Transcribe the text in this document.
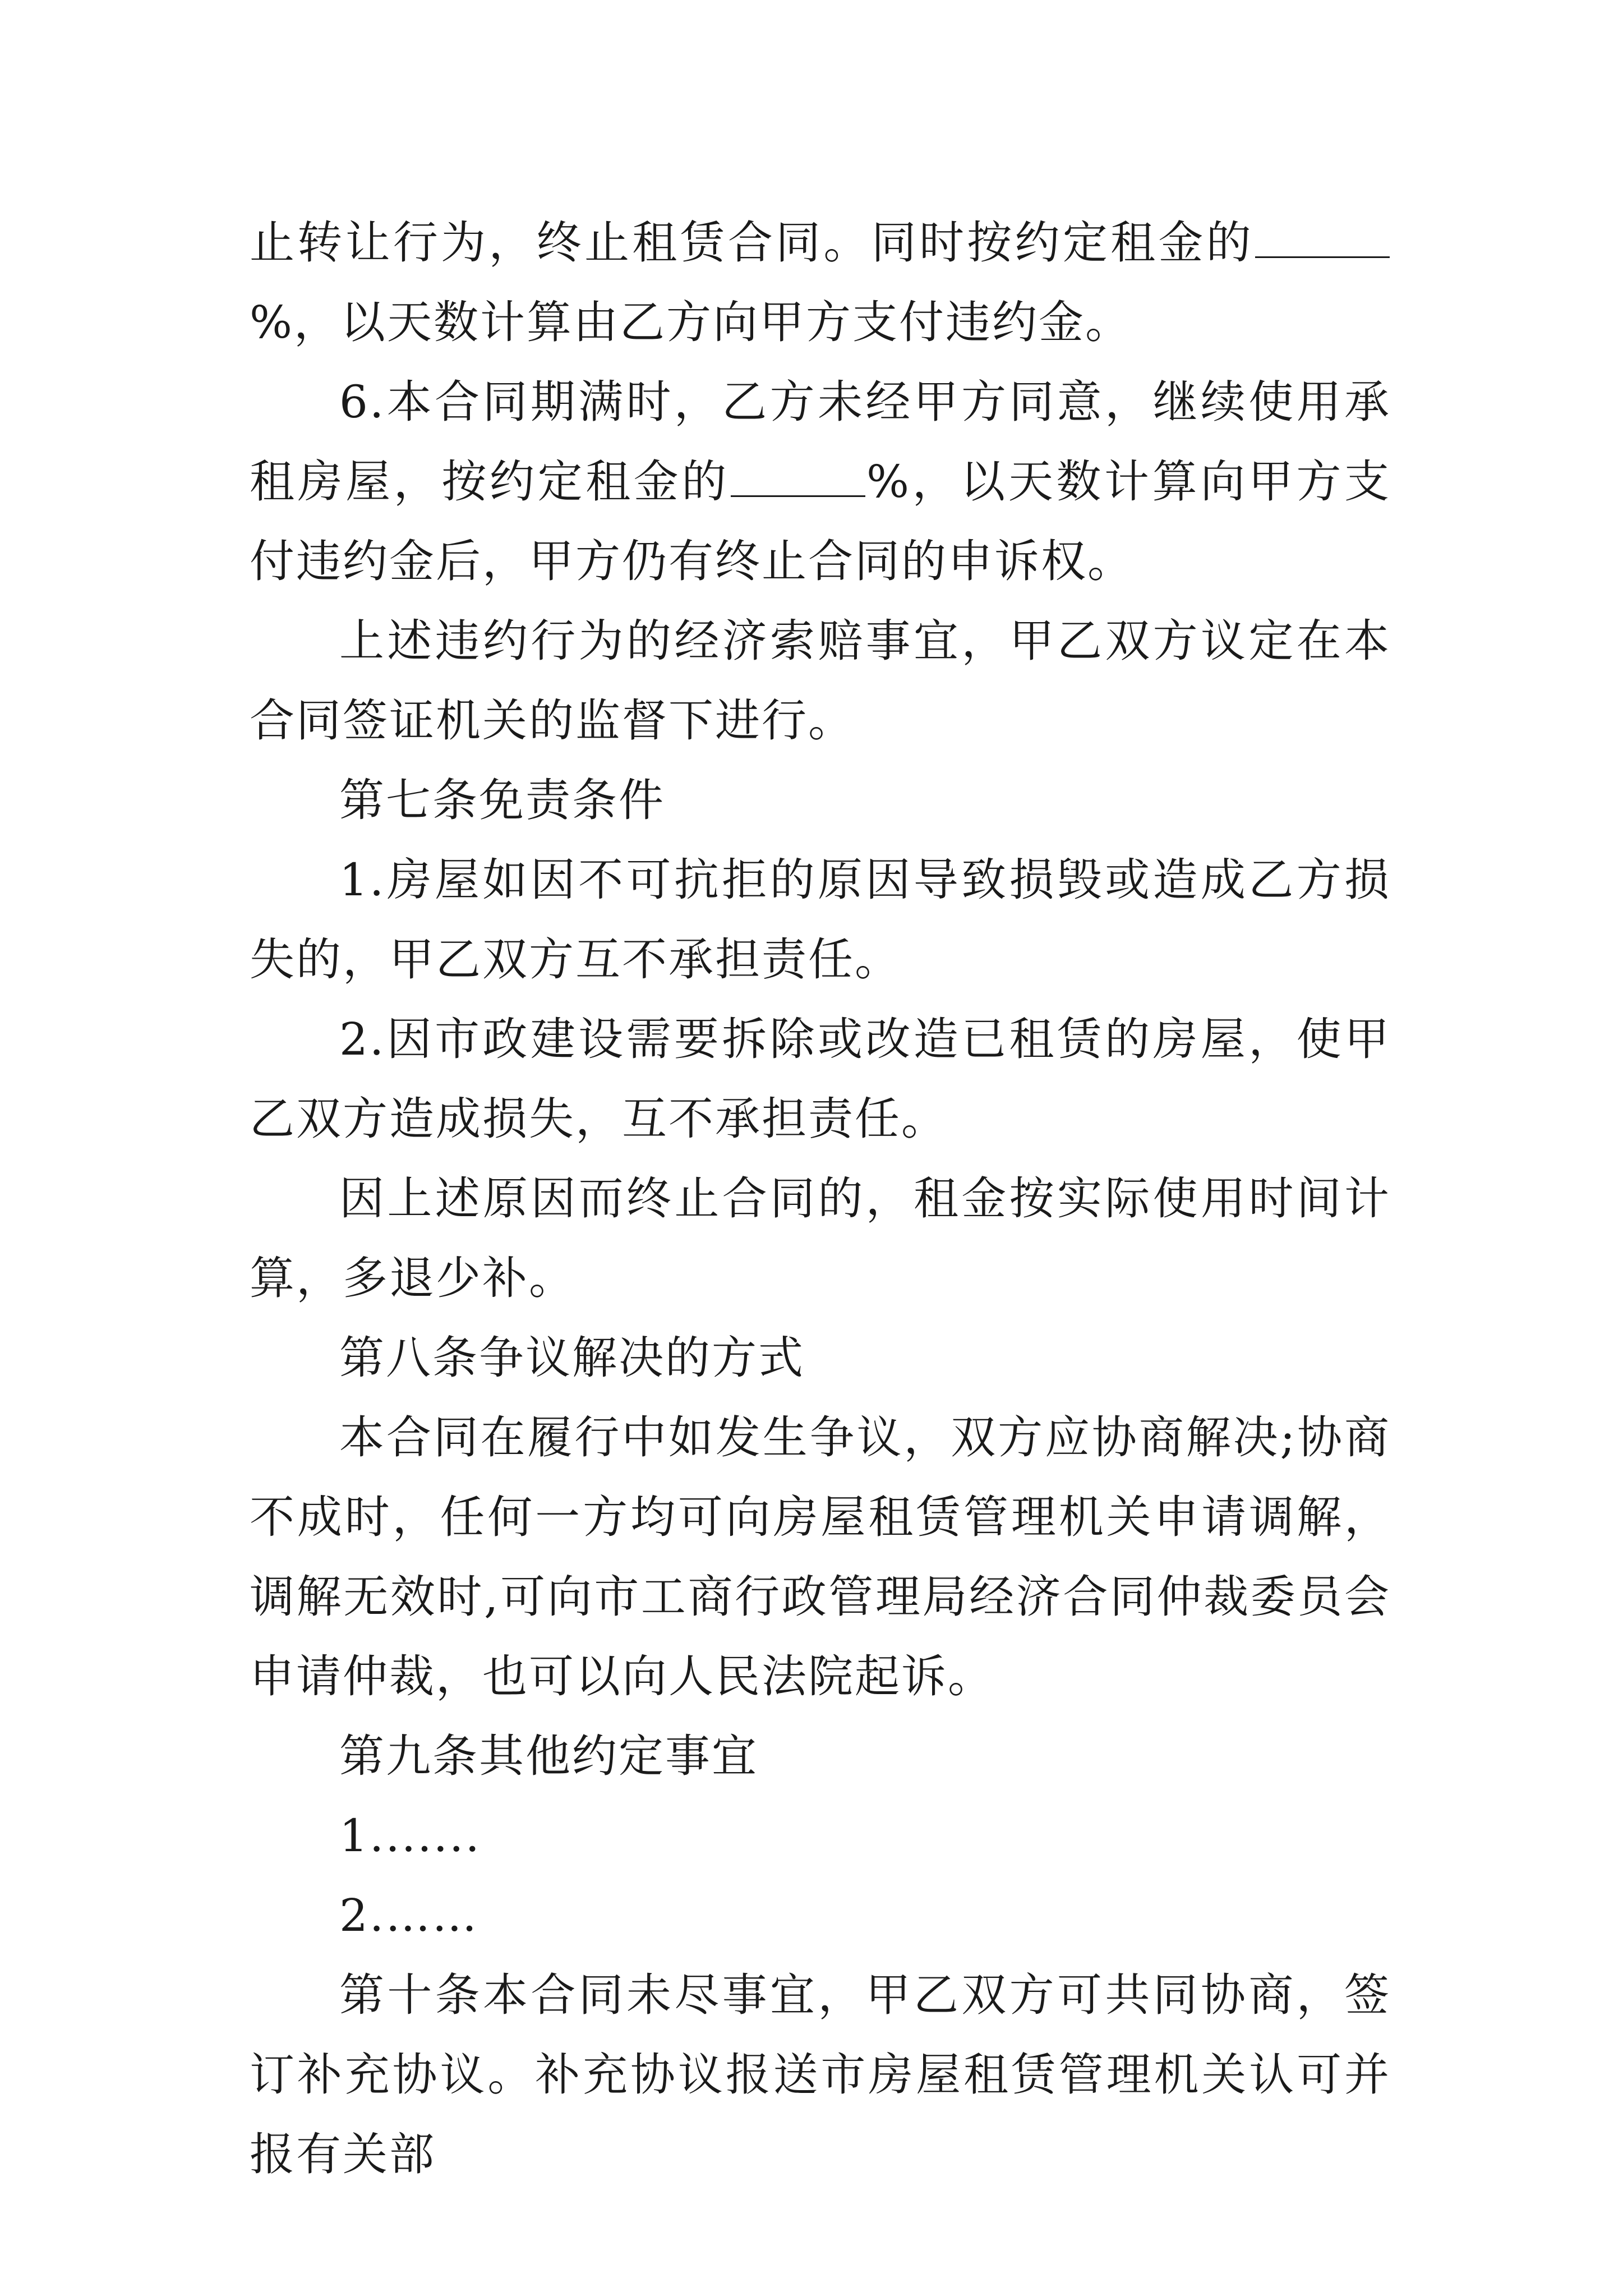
止转让行为，终止租赁合同。同时按约定租金的%，以天数计算由乙方向甲方支付违约金。

6.本合同期满时，乙方未经甲方同意，继续使用承租房屋，按约定租金的	%，以天数计算向甲方支付违约金后，甲方仍有终止合同的申诉权。

上述违约行为的经济索赔事宜，甲乙双方议定在本合同签证机关的监督下进行。

第七条免责条件

1.房屋如因不可抗拒的原因导致损毁或造成乙方损失的，甲乙双方互不承担责任。

2.因市政建设需要拆除或改造已租赁的房屋，使甲乙双方造成损失，互不承担责任。

因上述原因而终止合同的，租金按实际使用时间计算，多退少补。

第八条争议解决的方式

本合同在履行中如发生争议，双方应协商解决;协商不成时，任何一方均可向房屋租赁管理机关申请调解，调解无效时,可向市工商行政管理局经济合同仲裁委员会申请仲裁，也可以向人民法院起诉。

第九条其他约定事宜

1.......

2.……

第十条本合同未尽事宜，甲乙双方可共同协商，签订补充协议。补充协议报送市房屋租赁管理机关认可并报有关部
